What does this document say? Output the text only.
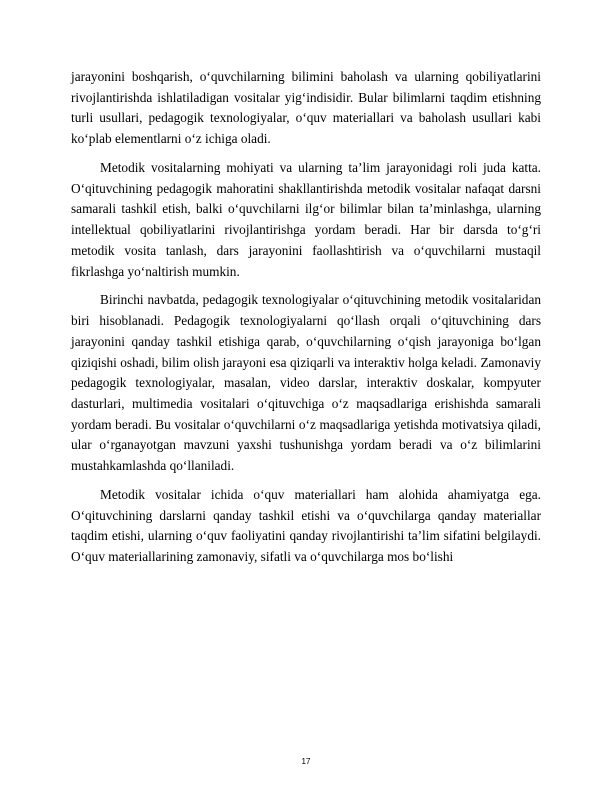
jarayonini boshqarish, o‘quvchilarning bilimini baholash va ularning qobiliyatlarini rivojlantirishda ishlatiladigan vositalar yig‘indisidir. Bular bilimlarni taqdim etishning turli usullari, pedagogik texnologiyalar, o‘quv materiallari va baholash usullari kabi ko‘plab elementlarni o‘z ichiga oladi.

Metodik vositalarning mohiyati va ularning ta’lim jarayonidagi roli juda katta. O‘qituvchining pedagogik mahoratini shakllantirishda metodik vositalar nafaqat darsni samarali tashkil etish, balki o‘quvchilarni ilg‘or bilimlar bilan ta’minlashga, ularning intellektual qobiliyatlarini rivojlantirishga yordam beradi. Har bir darsda to‘g‘ri metodik vosita tanlash, dars jarayonini faollashtirish va o‘quvchilarni mustaqil fikrlashga yo‘naltirish mumkin.

Birinchi navbatda, pedagogik texnologiyalar o‘qituvchining metodik vositalaridan biri hisoblanadi. Pedagogik texnologiyalarni qo‘llash orqali o‘qituvchining dars jarayonini qanday tashkil etishiga qarab, o‘quvchilarning o‘qish jarayoniga bo‘lgan qiziqishi oshadi, bilim olish jarayoni esa qiziqarli va interaktiv holga keladi. Zamonaviy pedagogik texnologiyalar, masalan, video darslar, interaktiv doskalar, kompyuter dasturlari, multimedia vositalari o‘qituvchiga o‘z maqsadlariga erishishda samarali yordam beradi. Bu vositalar o‘quvchilarni o‘z maqsadlariga yetishda motivatsiya qiladi, ular o‘rganayotgan mavzuni yaxshi tushunishga yordam beradi va o‘z bilimlarini mustahkamlashda qo‘llaniladi.

Metodik vositalar ichida o‘quv materiallari ham alohida ahamiyatga ega. O‘qituvchining darslarni qanday tashkil etishi va o‘quvchilarga qanday materiallar taqdim etishi, ularning o‘quv faoliyatini qanday rivojlantirishi ta’lim sifatini belgilaydi. O‘quv materiallarining zamonaviy, sifatli va o‘quvchilarga mos bo‘lishi

17
